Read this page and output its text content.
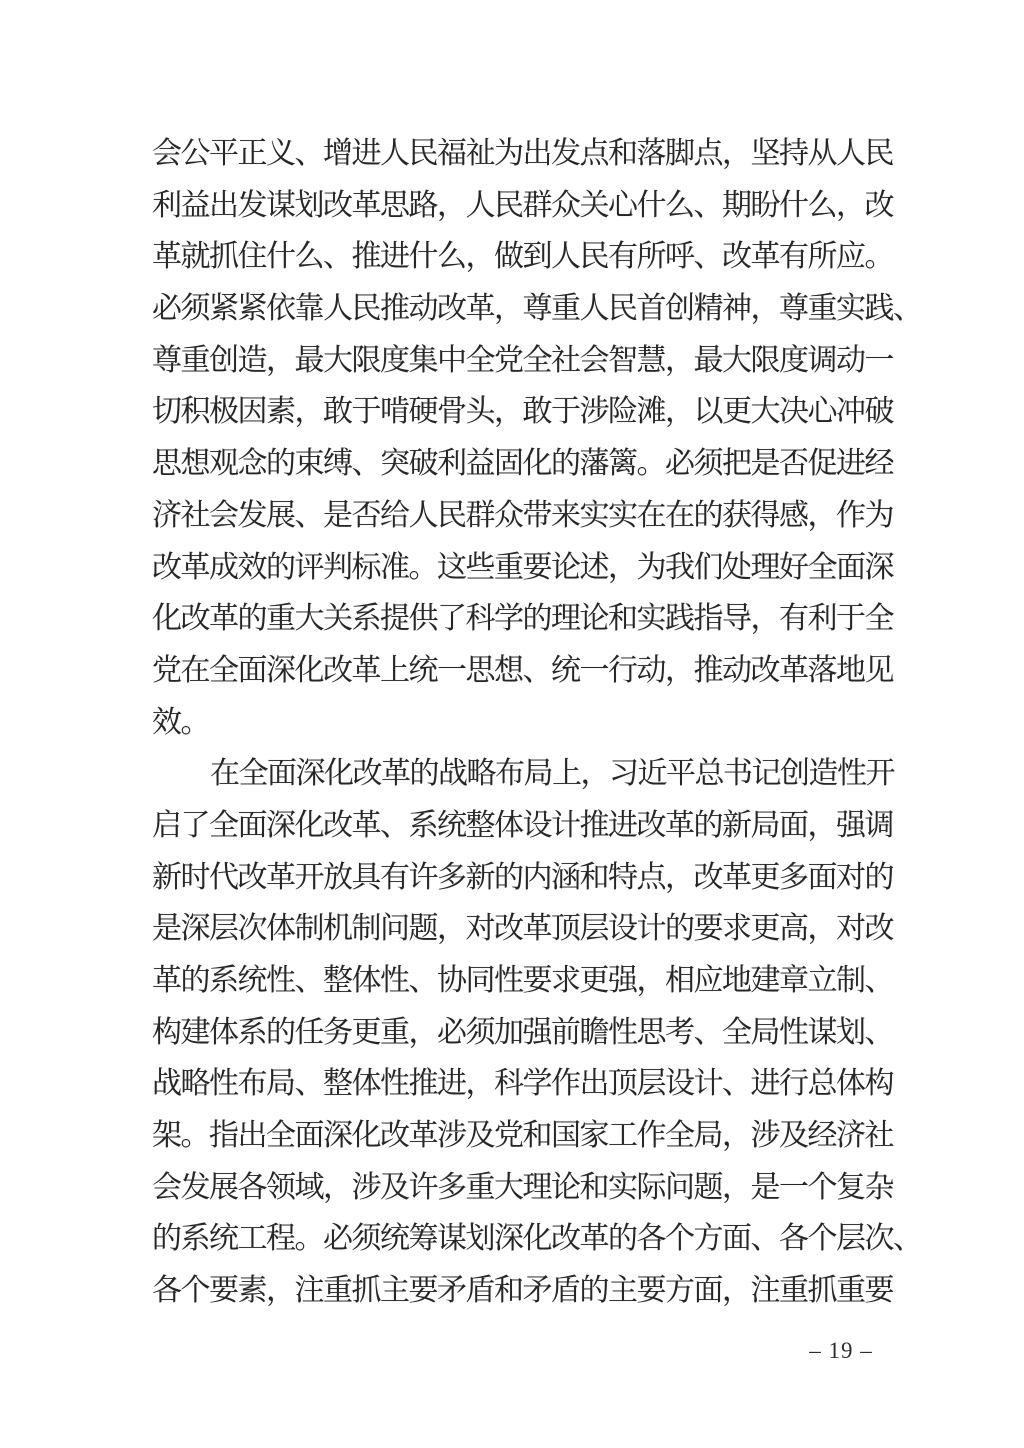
会公平正义、增进人民福祉为出发点和落脚点，坚持从人民
利益出发谋划改革思路，人民群众关心什么、期盼什么，改
革就抓住什么、推进什么，做到人民有所呼、改革有所应。
必须紧紧依靠人民推动改革，尊重人民首创精神，尊重实践、
尊重创造，最大限度集中全党全社会智慧，最大限度调动一
切积极因素，敢于啃硬骨头，敢于涉险滩，以更大决心冲破
思想观念的束缚、突破利益固化的藩篱。必须把是否促进经
济社会发展、是否给人民群众带来实实在在的获得感，作为
改革成效的评判标准。这些重要论述，为我们处理好全面深
化改革的重大关系提供了科学的理论和实践指导，有利于全
党在全面深化改革上统一思想、统一行动，推动改革落地见
效。
在全面深化改革的战略布局上，习近平总书记创造性开
启了全面深化改革、系统整体设计推进改革的新局面，强调
新时代改革开放具有许多新的内涵和特点，改革更多面对的
是深层次体制机制问题，对改革顶层设计的要求更高，对改
革的系统性、整体性、协同性要求更强，相应地建章立制、
构建体系的任务更重，必须加强前瞻性思考、全局性谋划、
战略性布局、整体性推进，科学作出顶层设计、进行总体构
架。指出全面深化改革涉及党和国家工作全局，涉及经济社
会发展各领域，涉及许多重大理论和实际问题，是一个复杂
的系统工程。必须统筹谋划深化改革的各个方面、各个层次、
各个要素，注重抓主要矛盾和矛盾的主要方面，注重抓重要
– 19 –
